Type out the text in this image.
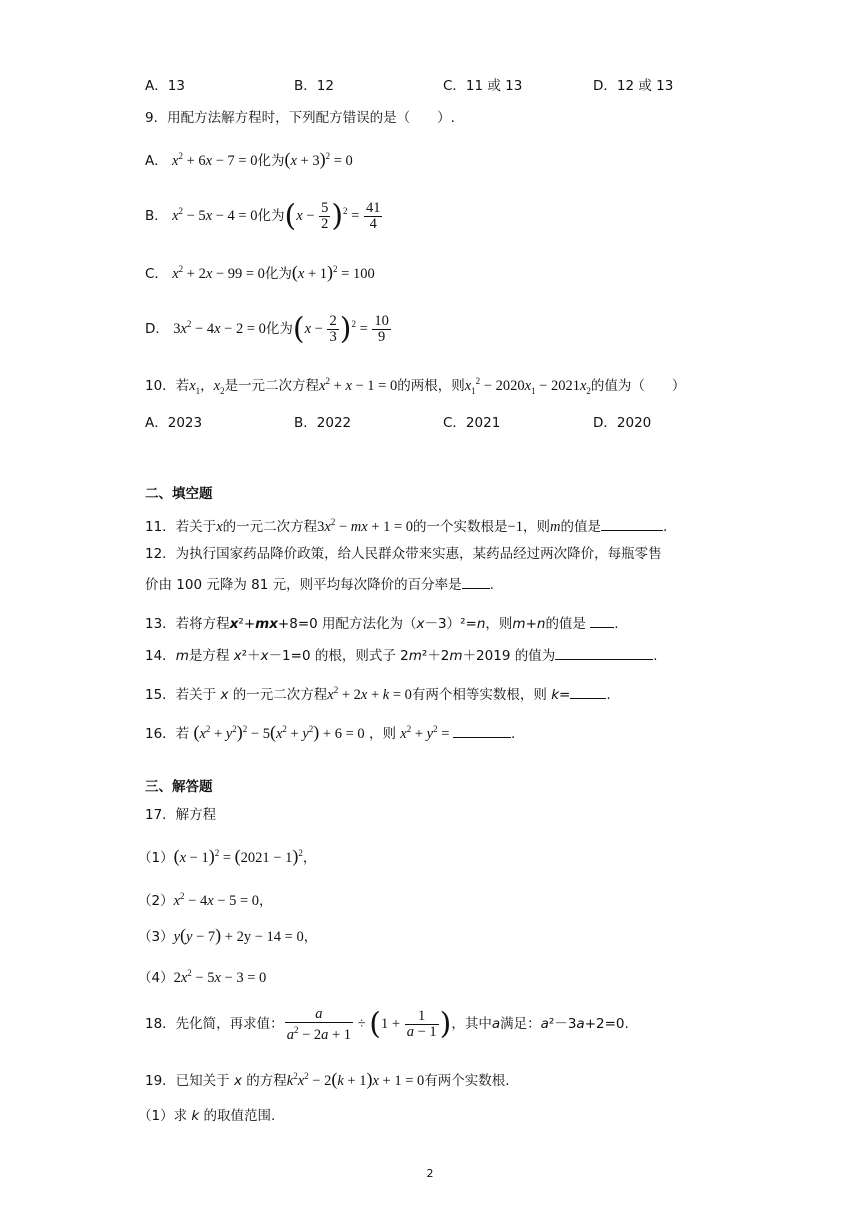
A．13	B．12	C．11 或 13	D．12 或 13
9．用配方法解方程时，下列配方错误的是（　　）.
A． $x^2 + 6x - 7 = 0$化为$(x + 3)^2 = 0$
B． $x^2 - 5x - 4 = 0$化为$(x - \frac{5}{2} )^2 = \frac{41}{4}$
C． $x^2 + 2x - 99 = 0$化为$(x + 1)^2 = 100$
D． $3x^2 - 4x - 2 = 0$化为$(x - \frac{2}{3} )^2 = \frac{10}{9}$
10．若$x_1$，$x_2$是一元二次方程$x^2 + x - 1 = 0$的两根，则$x_1^2 - 2020x_1 - 2021x_2$的值为（　　）
A．2023	B．2022	C．2021	D．2020
二、填空题
11．若关于x的一元二次方程$3x^2$ − mx + 1 = 0的一个实数根是−1，则m的值是	.
12．为执行国家药品降价政策，给人民群众带来实惠，某药品经过两次降价，每瓶零售
价由 100 元降为 81 元，则平均每次降价的百分率是 .
13．若将方程x²+mx+8=0 用配方法化为（x－3）²=n，则m+n的值是 .
14．m是方程 x²＋x－1=0 的根，则式子 2m²＋2m＋2019 的值为	.
15．若关于 x 的一元二次方程$x^2 + 2x + k = 0$有两个相等实数根，则 k=	.
16．若 $(x^2 + y^2)^2 - 5(x^2 + y^2) + 6 = 0$ ，则 $x^2 + y^2$ =	.
三、解答题
17．解方程
$(1)(x - 1)^2 = (2021 - 1)^2$，
$(2)x^2 - 4x - 5 = 0$，
（3）y(y − 7) + 2y − 14 = 0，
$(4)2x^2 - 5x - 3 = 0$
18．先化简，再求值： $\frac{a}{a^2 - 2a + 1} \div (1 + \frac{1}{a - 1}$ )，其中a满足：a²－3a+2=0.
19．已知关于 x 的方程$k^2x^2 - 2(k + 1)x + 1 = 0$有两个实数根.
（1）求 k 的取值范围.
2
